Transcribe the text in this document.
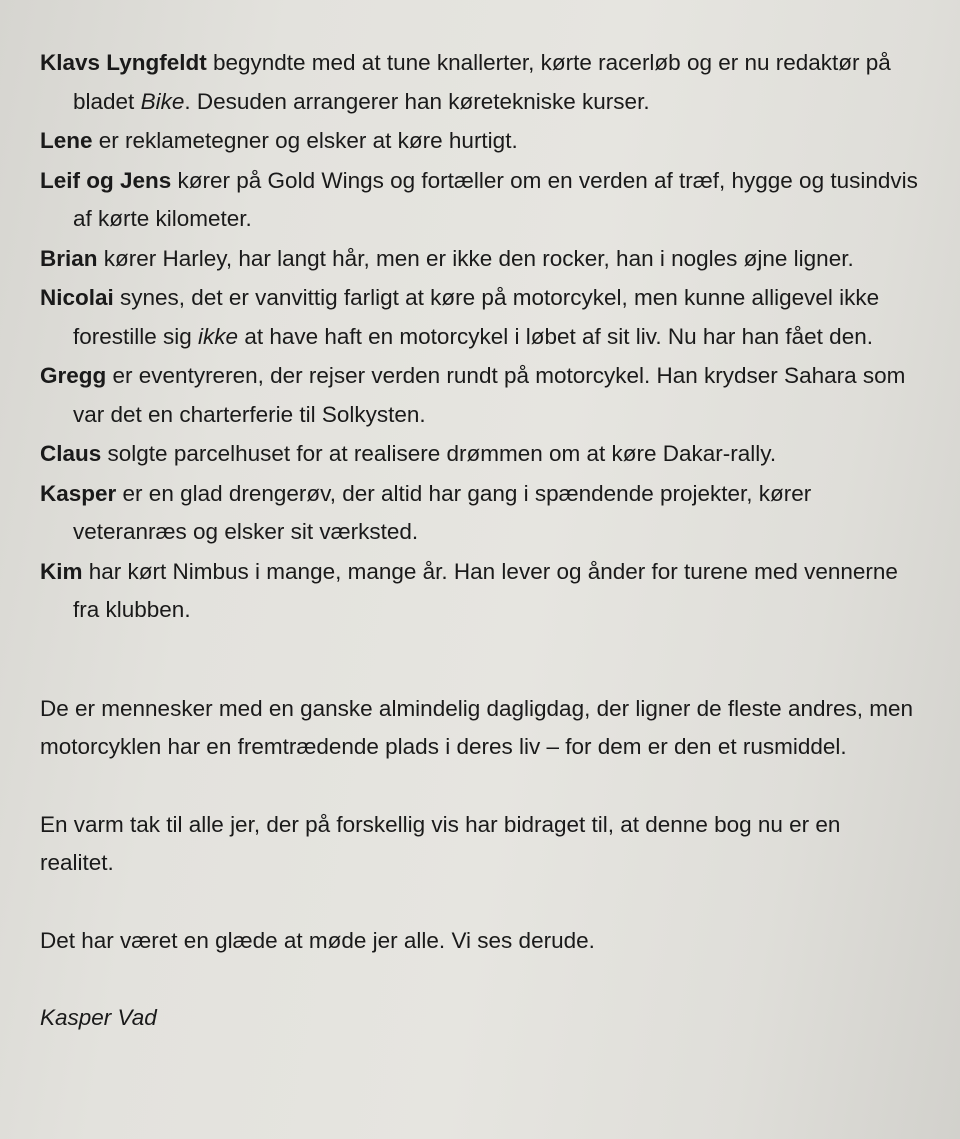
Klavs Lyngfeldt begyndte med at tune knallerter, kørte racerløb og er nu redaktør på bladet Bike. Desuden arrangerer han køretekniske kurser.

Lene er reklametegner og elsker at køre hurtigt.

Leif og Jens kører på Gold Wings og fortæller om en verden af træf, hygge og tusindvis af kørte kilometer.

Brian kører Harley, har langt hår, men er ikke den rocker, han i nogles øjne ligner.

Nicolai synes, det er vanvittig farligt at køre på motorcykel, men kunne alligevel ikke forestille sig ikke at have haft en motorcykel i løbet af sit liv. Nu har han fået den.

Gregg er eventyreren, der rejser verden rundt på motorcykel. Han krydser Sahara som var det en charterferie til Solkysten.

Claus solgte parcelhuset for at realisere drømmen om at køre Dakar-rally.

Kasper er en glad drengerøv, der altid har gang i spændende projekter, kører veteranræs og elsker sit værksted.

Kim har kørt Nimbus i mange, mange år. Han lever og ånder for turene med vennerne fra klubben.

De er mennesker med en ganske almindelig dagligdag, der ligner de fleste andres, men motorcyklen har en fremtrædende plads i deres liv – for dem er den et rusmiddel.

En varm tak til alle jer, der på forskellig vis har bidraget til, at denne bog nu er en realitet.

Det har været en glæde at møde jer alle. Vi ses derude.

Kasper Vad
